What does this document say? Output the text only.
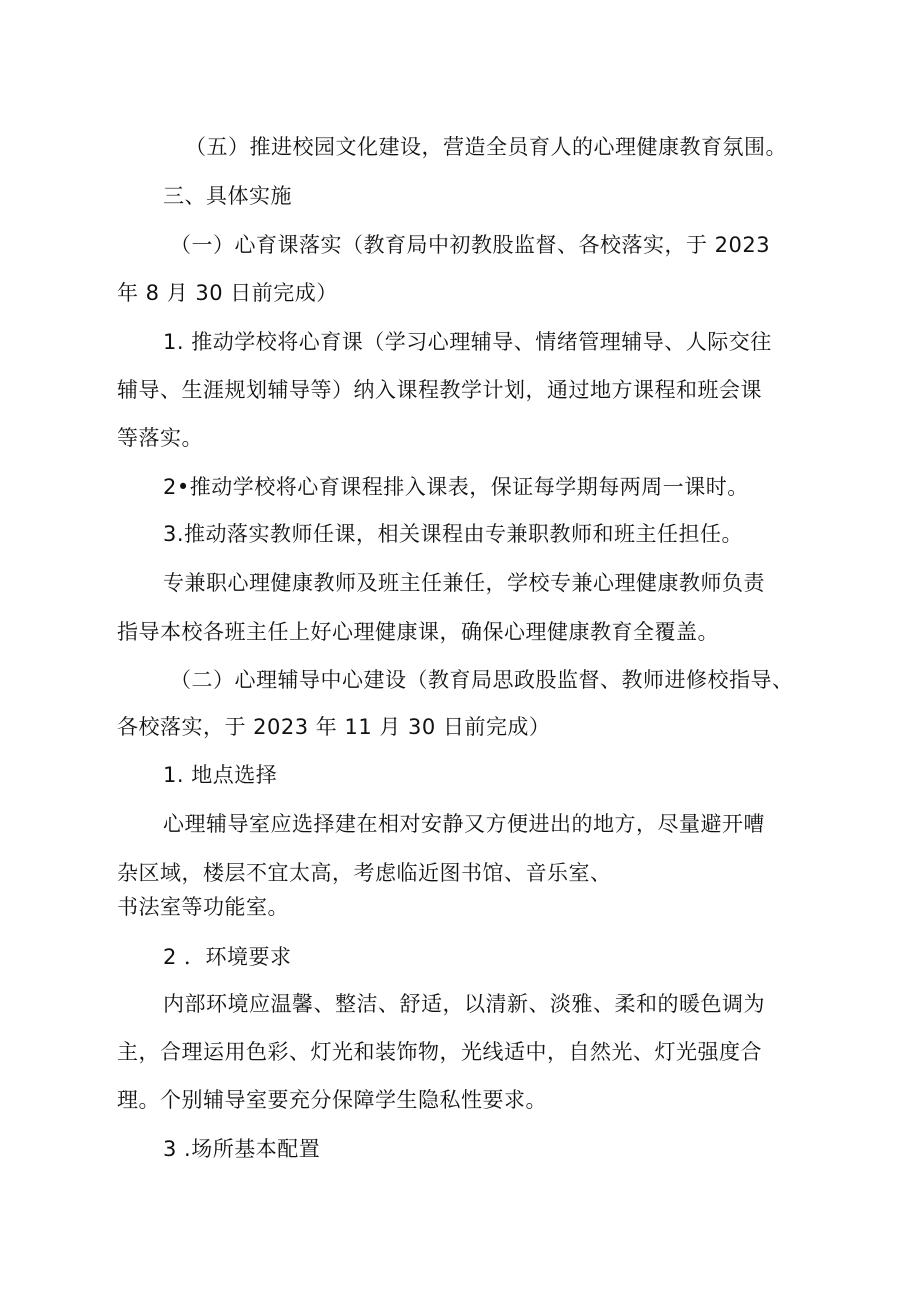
（五）推进校园文化建设，营造全员育人的心理健康教育氛围。
三、具体实施
（一）心育课落实（教育局中初教股监督、各校落实，于 2023
年 8 月 30 日前完成）
1. 推动学校将心育课（学习心理辅导、情绪管理辅导、人际交往
辅导、生涯规划辅导等）纳入课程教学计划，通过地方课程和班会课
等落实。
2•推动学校将心育课程排入课表，保证每学期每两周一课时。
3.推动落实教师任课，相关课程由专兼职教师和班主任担任。
专兼职心理健康教师及班主任兼任，学校专兼心理健康教师负责
指导本校各班主任上好心理健康课，确保心理健康教育全覆盖。
（二）心理辅导中心建设（教育局思政股监督、教师进修校指导、
各校落实，于 2023 年 11 月 30 日前完成）
1. 地点选择
心理辅导室应选择建在相对安静又方便进出的地方，尽量避开嘈
杂区域，楼层不宜太高，考虑临近图书馆、音乐室、
书法室等功能室。
2 ．环境要求
内部环境应温馨、整洁、舒适，以清新、淡雅、柔和的暖色调为
主，合理运用色彩、灯光和装饰物，光线适中，自然光、灯光强度合
理。个别辅导室要充分保障学生隐私性要求。
3 .场所基本配置
